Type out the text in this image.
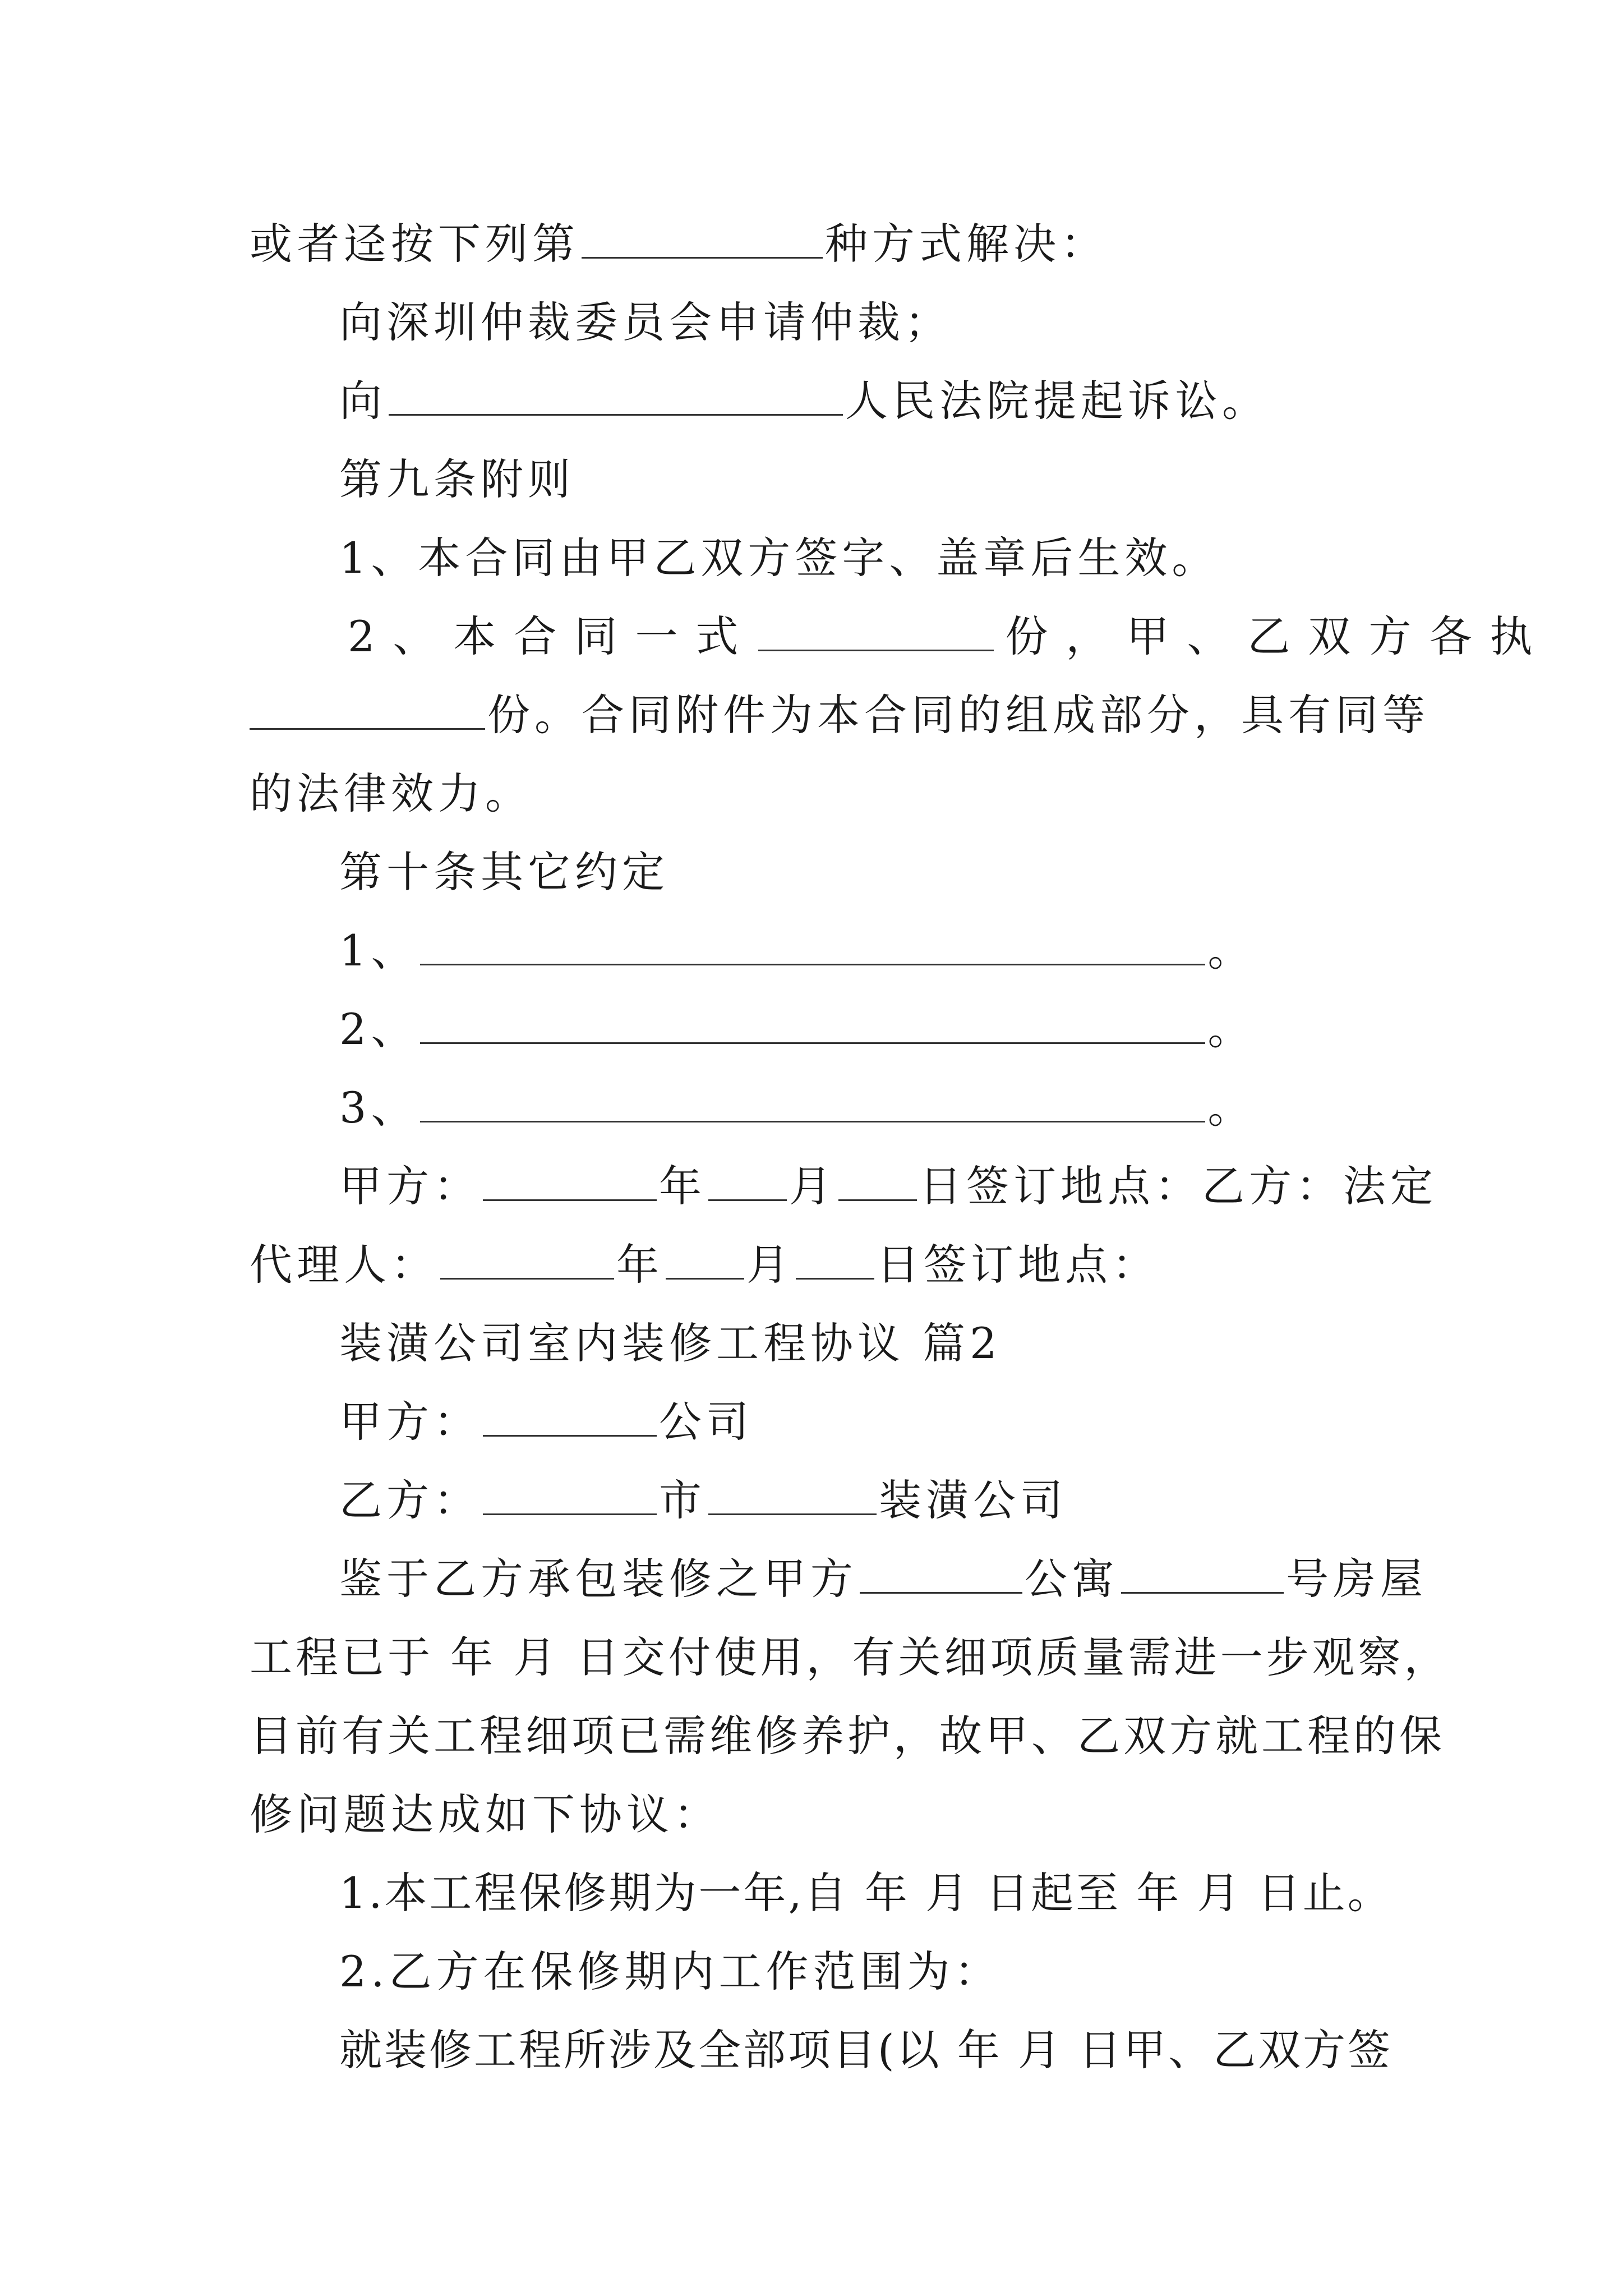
或者迳按下列第	种方式解决：
向深圳仲裁委员会申请仲裁；
向	人民法院提起诉讼。
第九条附则
1、本合同由甲乙双方签字、盖章后生效。
2、本合同一式	份，甲、乙双方各执
份。合同附件为本合同的组成部分，具有同等
的法律效力。
第十条其它约定
1、	。
2、	。
3、	。
甲方：	年 月 日签订地点：乙方：法定
代理人：	年 月 日签订地点：
装潢公司室内装修工程协议 篇2
甲方：	公司
乙方：	市	装潢公司
鉴于乙方承包装修之甲方	公寓	号房屋
工程已于 年 月 日交付使用，有关细项质量需进一步观察，
目前有关工程细项已需维修养护，故甲、乙双方就工程的保
修问题达成如下协议：
1.本工程保修期为一年,自 年 月 日起至 年 月 日止。
2.乙方在保修期内工作范围为：
就装修工程所涉及全部项目(以 年 月 日甲、乙双方签
